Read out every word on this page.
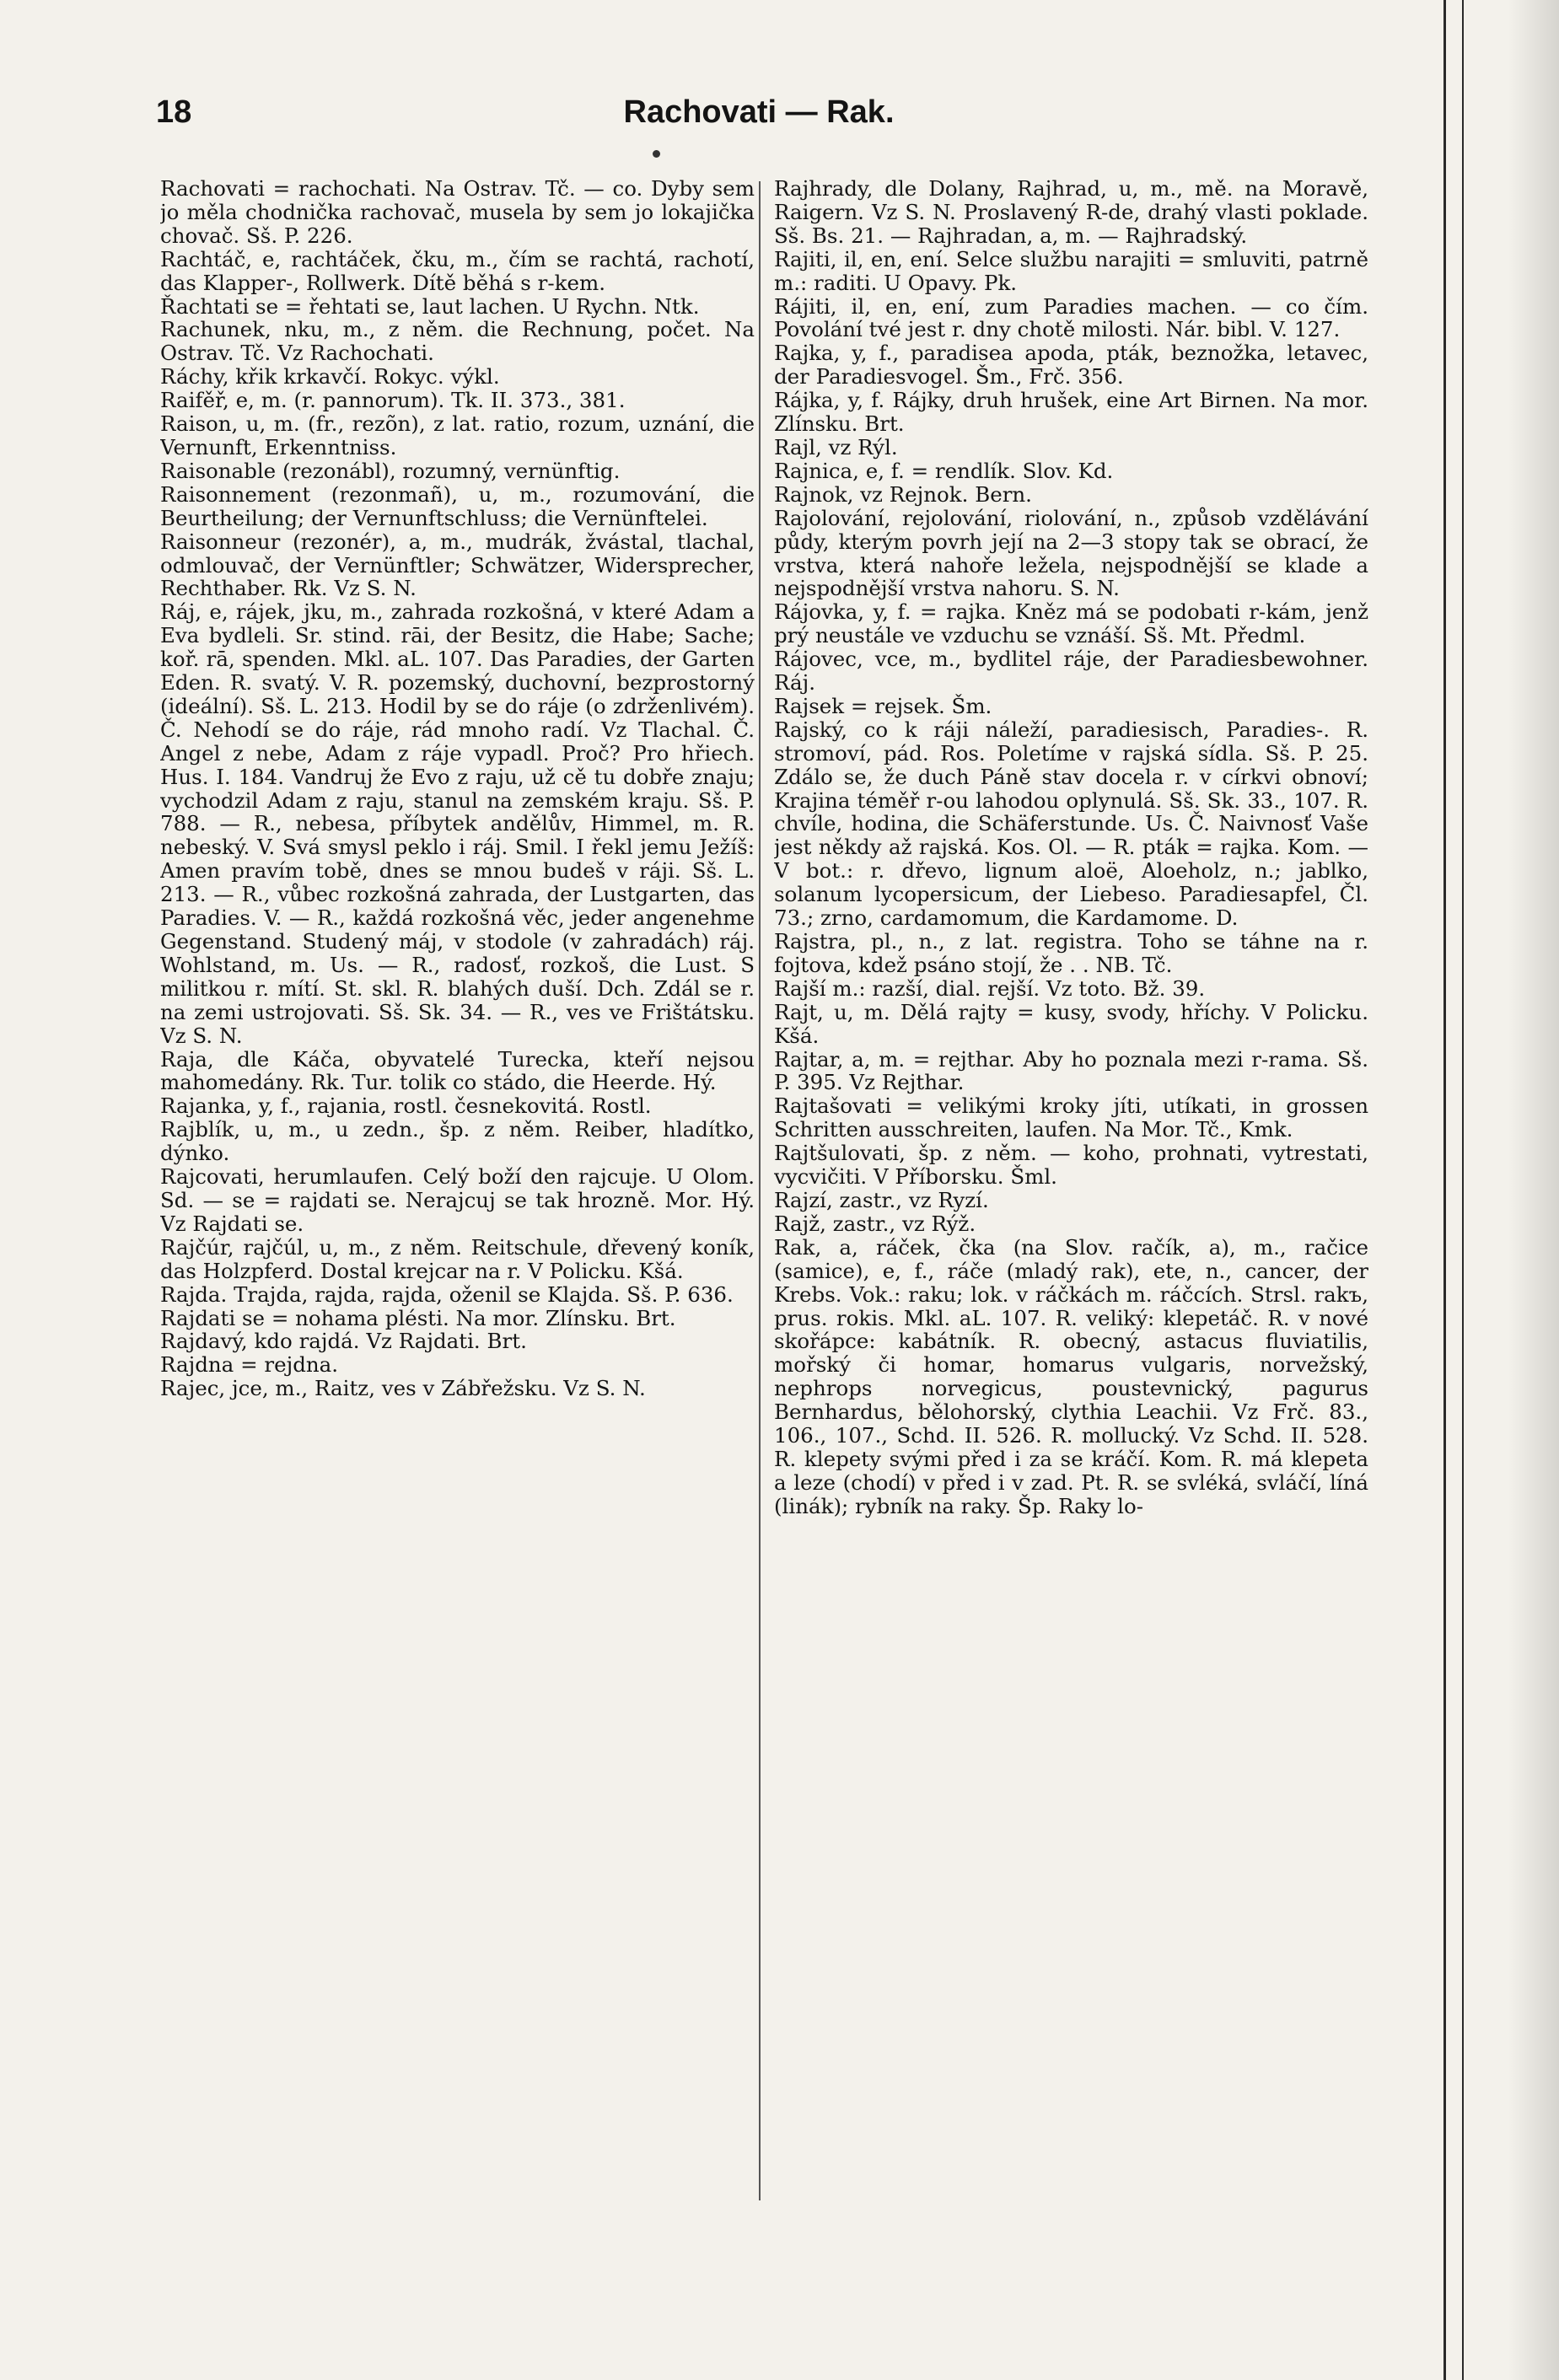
18	Rachovati — Rak.

Rachovati = rachochati. Na Ostrav. Tč. — co. Dyby sem jo měla chodnička rachovač, musela by sem jo lokajička chovač. Sš. P. 226.

Rachtáč, e, rachtáček, čku, m., čím se rachtá, rachotí, das Klapper-, Rollwerk. Dítě běhá s r-kem.

Řachtati se = řehtati se, laut lachen. U Rychn. Ntk.

Rachunek, nku, m., z něm. die Rechnung, počet. Na Ostrav. Tč. Vz Rachochati.

Ráchy, křik krkavčí. Rokyc. výkl.

Raifěř, e, m. (r. pannorum). Tk. II. 373., 381.

Raison, u, m. (fr., rezõn), z lat. ratio, rozum, uznání, die Vernunft, Erkenntniss.

Raisonable (rezonábl), rozumný, vernünftig.

Raisonnement (rezonmañ), u, m., rozumování, die Beurtheilung; der Vernunftschluss; die Vernünftelei.

Raisonneur (rezonér), a, m., mudrák, žvástal, tlachal, odmlouvač, der Vernünftler; Schwätzer, Widersprecher, Rechthaber. Rk. Vz S. N.

Ráj, e, rájek, jku, m., zahrada rozkošná, v které Adam a Eva bydleli. Sr. stind. rāi, der Besitz, die Habe; Sache; koř. rā, spenden. Mkl. aL. 107. Das Paradies, der Garten Eden. R. svatý. V. R. pozemský, duchovní, bezprostorný (ideální). Sš. L. 213. Hodil by se do ráje (o zdrženlivém). Č. Nehodí se do ráje, rád mnoho radí. Vz Tlachal. Č. Angel z nebe, Adam z ráje vypadl. Proč? Pro hřiech. Hus. I. 184. Vandruj že Evo z raju, už cě tu dobře znaju; vychodzil Adam z raju, stanul na zemském kraju. Sš. P. 788. — R., nebesa, příbytek andělův, Himmel, m. R. nebeský. V. Svá smysl peklo i ráj. Smil. I řekl jemu Ježíš: Amen pravím tobě, dnes se mnou budeš v ráji. Sš. L. 213. — R., vůbec rozkošná zahrada, der Lustgarten, das Paradies. V. — R., každá rozkošná věc, jeder angenehme Gegenstand. Studený máj, v stodole (v zahradách) ráj. Wohlstand, m. Us. — R., radosť, rozkoš, die Lust. S militkou r. mítí. St. skl. R. blahých duší. Dch. Zdál se r. na zemi ustrojovati. Sš. Sk. 34. — R., ves ve Frištátsku. Vz S. N.

Raja, dle Káča, obyvatelé Turecka, kteří nejsou mahomedány. Rk. Tur. tolik co stádo, die Heerde. Hý.

Rajanka, y, f., rajania, rostl. česnekovitá. Rostl.

Rajblík, u, m., u zedn., šp. z něm. Reiber, hladítko, dýnko.

Rajcovati, herumlaufen. Celý boží den rajcuje. U Olom. Sd. — se = rajdati se. Nerajcuj se tak hrozně. Mor. Hý. Vz Rajdati se.

Rajčúr, rajčúl, u, m., z něm. Reitschule, dřevený koník, das Holzpferd. Dostal krejcar na r. V Policku. Kšá.

Rajda. Trajda, rajda, rajda, oženil se Klajda. Sš. P. 636.

Rajdati se = nohama plésti. Na mor. Zlínsku. Brt.

Rajdavý, kdo rajdá. Vz Rajdati. Brt.

Rajdna = rejdna.

Rajec, jce, m., Raitz, ves v Zábřežsku. Vz S. N.

Rajhrady, dle Dolany, Rajhrad, u, m., mě. na Moravě, Raigern. Vz S. N. Proslavený R-de, drahý vlasti poklade. Sš. Bs. 21. — Rajhradan, a, m. — Rajhradský.

Rajiti, il, en, ení. Selce službu narajiti = smluviti, patrně m.: raditi. U Opavy. Pk.

Rájiti, il, en, ení, zum Paradies machen. — co čím. Povolání tvé jest r. dny chotě milosti. Nár. bibl. V. 127.

Rajka, y, f., paradisea apoda, pták, beznožka, letavec, der Paradiesvogel. Šm., Frč. 356.

Rájka, y, f. Rájky, druh hrušek, eine Art Birnen. Na mor. Zlínsku. Brt.

Rajl, vz Rýl.

Rajnica, e, f. = rendlík. Slov. Kd.

Rajnok, vz Rejnok. Bern.

Rajolování, rejolování, riolování, n., způsob vzdělávání půdy, kterým povrh její na 2—3 stopy tak se obrací, že vrstva, která nahoře ležela, nejspodnější se klade a nejspodnější vrstva nahoru. S. N.

Rájovka, y, f. = rajka. Kněz má se podobati r-kám, jenž prý neustále ve vzduchu se vznáší. Sš. Mt. Předml.

Rájovec, vce, m., bydlitel ráje, der Paradiesbewohner. Ráj.

Rajsek = rejsek. Šm.

Rajský, co k ráji náleží, paradiesisch, Paradies-. R. stromoví, pád. Ros. Poletíme v rajská sídla. Sš. P. 25. Zdálo se, že duch Páně stav docela r. v církvi obnoví; Krajina téměř r-ou lahodou oplynulá. Sš. Sk. 33., 107. R. chvíle, hodina, die Schäferstunde. Us. Č. Naivnosť Vaše jest někdy až rajská. Kos. Ol. — R. pták = rajka. Kom. — V bot.: r. dřevo, lignum aloë, Aloeholz, n.; jablko, solanum lycopersicum, der Liebeso. Paradiesapfel, Čl. 73.; zrno, cardamomum, die Kardamome. D.

Rajstra, pl., n., z lat. registra. Toho se táhne na r. fojtova, kdež psáno stojí, že . . NB. Tč.

Rajší m.: razší, dial. rejší. Vz toto. Bž. 39.

Rajt, u, m. Dělá rajty = kusy, svody, hříchy. V Policku. Kšá.

Rajtar, a, m. = rejthar. Aby ho poznala mezi r-rama. Sš. P. 395. Vz Rejthar.

Rajtašovati = velikými kroky jíti, utíkati, in grossen Schritten ausschreiten, laufen. Na Mor. Tč., Kmk.

Rajtšulovati, šp. z něm. — koho, prohnati, vytrestati, vycvičiti. V Příborsku. Šml.

Rajzí, zastr., vz Ryzí.

Rajž, zastr., vz Rýž.

Rak, a, ráček, čka (na Slov. račík, a), m., račice (samice), e, f., ráče (mladý rak), ete, n., cancer, der Krebs. Vok.: raku; lok. v ráčkách m. ráčcích. Strsl. rakъ, prus. rokis. Mkl. aL. 107. R. veliký: klepetáč. R. v nové skořápce: kabátník. R. obecný, astacus fluviatilis, mořský či homar, homarus vulgaris, norvežský, nephrops norvegicus, poustevnický, pagurus Bernhardus, bělohorský, clythia Leachii. Vz Frč. 83., 106., 107., Schd. II. 526. R. mollucký. Vz Schd. II. 528. R. klepety svými před i za se kráčí. Kom. R. má klepeta a leze (chodí) v před i v zad. Pt. R. se svléká, svláčí, líná (linák); rybník na raky. Šp. Raky lo-
